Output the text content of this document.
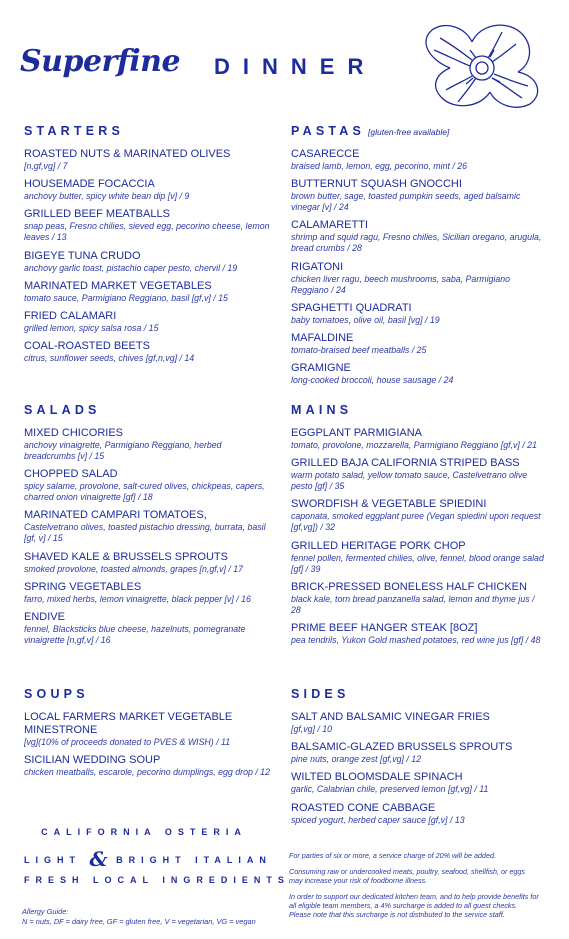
Superfine DINNER
STARTERS
ROASTED NUTS & MARINATED OLIVES
[n,gf,vg] / 7
HOUSEMADE FOCACCIA
anchovy butter, spicy white bean dip [v] / 9
GRILLED BEEF MEATBALLS
snap peas, Fresno chilies, sieved egg, pecorino cheese, lemon leaves / 13
BIGEYE TUNA CRUDO
anchovy garlic toast, pistachio caper pesto, chervil / 19
MARINATED MARKET VEGETABLES
tomato sauce, Parmigiano Reggiano, basil [gf,v] / 15
FRIED CALAMARI
grilled lemon, spicy salsa rosa / 15
COAL-ROASTED BEETS
citrus, sunflower seeds, chives [gf,n,vg] / 14
SALADS
MIXED CHICORIES
anchovy vinaigrette, Parmigiano Reggiano, herbed breadcrumbs [v] / 15
CHOPPED SALAD
spicy salame, provolone, salt-cured olives, chickpeas, capers, charred onion vinaigrette [gf] / 18
MARINATED CAMPARI TOMATOES,
Castelvetrano olives, toasted pistachio dressing, burrata, basil [gf, v] / 15
SHAVED KALE & BRUSSELS SPROUTS
smoked provolone, toasted almonds, grapes [n,gf,v] / 17
SPRING VEGETABLES
farro, mixed herbs, lemon vinaigrette, black pepper [v] / 16
ENDIVE
fennel, Blacksticks blue cheese, hazelnuts, pomegranate vinaigrette [n,gf,v] / 16
SOUPS
LOCAL FARMERS MARKET VEGETABLE MINESTRONE
[vg](10% of proceeds donated to PVES & WISH) / 11
SICILIAN WEDDING SOUP
chicken meatballs, escarole, pecorino dumplings, egg drop / 12
CALIFORNIA OSTERIA
LIGHT & BRIGHT ITALIAN
FRESH LOCAL INGREDIENTS
Allergy Guide:
N = nuts, DF = dairy free, GF = gluten free, V = vegetarian, VG = vegan
PASTAS [gluten-free available]
CASARECCE
braised lamb, lemon, egg, pecorino, mint / 26
BUTTERNUT SQUASH GNOCCHI
brown butter, sage, toasted pumpkin seeds, aged balsamic vinegar [v] / 24
CALAMARETTI
shrimp and squid ragu, Fresno chilies, Sicilian oregano, arugula, bread crumbs / 28
RIGATONI
chicken liver ragu, beech mushrooms, saba, Parmigiano Reggiano / 24
SPAGHETTI QUADRATI
baby tomatoes, olive oil, basil [vg] / 19
MAFALDINE
tomato-braised beef meatballs / 25
GRAMIGNE
long-cooked broccoli, house sausage / 24
MAINS
EGGPLANT PARMIGIANA
tomato, provolone, mozzarella, Parmigiano Reggiano [gf,v] / 21
GRILLED BAJA CALIFORNIA STRIPED BASS
warm potato salad, yellow tomato sauce, Castelvetrano olive pesto [gf] / 35
SWORDFISH & VEGETABLE SPIEDINI
caponata, smoked eggplant puree (Vegan spiedini upon request [gf,vg]) / 32
GRILLED HERITAGE PORK CHOP
fennel pollen, fermented chilies, olive, fennel, blood orange salad [gf] / 39
BRICK-PRESSED BONELESS HALF CHICKEN
black kale, torn bread panzanella salad, lemon and thyme jus / 28
PRIME BEEF HANGER STEAK [8OZ]
pea tendrils, Yukon Gold mashed potatoes, red wine jus [gf] / 48
SIDES
SALT AND BALSAMIC VINEGAR FRIES
[gf,vg] / 10
BALSAMIC-GLAZED BRUSSELS SPROUTS
pine nuts, orange zest [gf,vg] / 12
WILTED BLOOMSDALE SPINACH
garlic, Calabrian chile, preserved lemon [gf,vg] / 11
ROASTED CONE CABBAGE
spiced yogurt, herbed caper sauce [gf,v] / 13

For parties of six or more, a service charge of 20% will be added.

Consuming raw or undercooked meats, poultry, seafood, shellfish, or eggs may increase your risk of foodborne illness.

In order to support our dedicated kitchen team, and to help provide benefits for all eligible team members, a 4% surcharge is added to all guest checks. Please note that this surcharge is not distributed to the service staff.
